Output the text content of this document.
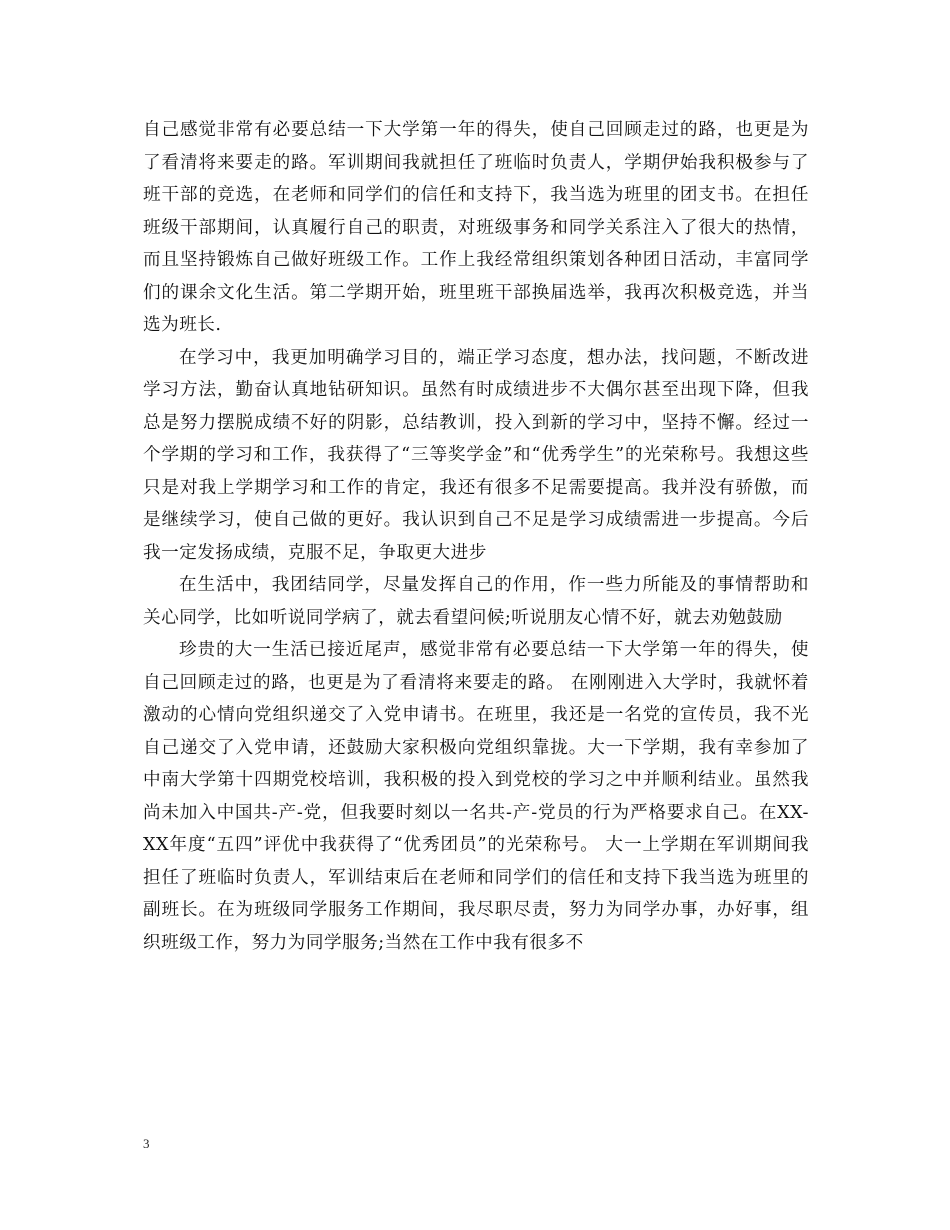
自己感觉非常有必要总结一下大学第一年的得失，使自己回顾走过的路，也更是为了看清将来要走的路。军训期间我就担任了班临时负责人，学期伊始我积极参与了班干部的竞选，在老师和同学们的信任和支持下，我当选为班里的团支书。在担任班级干部期间，认真履行自己的职责，对班级事务和同学关系注入了很大的热情，而且坚持锻炼自己做好班级工作。工作上我经常组织策划各种团日活动，丰富同学们的课余文化生活。第二学期开始，班里班干部换届选举，我再次积极竞选，并当选为班长.

在学习中，我更加明确学习目的，端正学习态度，想办法，找问题，不断改进学习方法，勤奋认真地钻研知识。虽然有时成绩进步不大偶尔甚至出现下降，但我总是努力摆脱成绩不好的阴影，总结教训，投入到新的学习中，坚持不懈。经过一个学期的学习和工作，我获得了“三等奖学金”和“优秀学生”的光荣称号。我想这些只是对我上学期学习和工作的肯定，我还有很多不足需要提高。我并没有骄傲，而是继续学习，使自己做的更好。我认识到自己不足是学习成绩需进一步提高。今后我一定发扬成绩，克服不足，争取更大进步

在生活中，我团结同学，尽量发挥自己的作用，作一些力所能及的事情帮助和关心同学，比如听说同学病了，就去看望问候;听说朋友心情不好，就去劝勉鼓励

珍贵的大一生活已接近尾声，感觉非常有必要总结一下大学第一年的得失，使自己回顾走过的路，也更是为了看清将来要走的路。 在刚刚进入大学时，我就怀着激动的心情向党组织递交了入党申请书。在班里，我还是一名党的宣传员，我不光自己递交了入党申请，还鼓励大家积极向党组织靠拢。大一下学期，我有幸参加了中南大学第十四期党校培训，我积极的投入到党校的学习之中并顺利结业。虽然我尚未加入中国共-产-党，但我要时刻以一名共-产-党员的行为严格要求自己。在XX-XX年度“五四”评优中我获得了“优秀团员”的光荣称号。 大一上学期在军训期间我担任了班临时负责人，军训结束后在老师和同学们的信任和支持下我当选为班里的副班长。在为班级同学服务工作期间，我尽职尽责，努力为同学办事，办好事，组织班级工作，努力为同学服务;当然在工作中我有很多不

3
